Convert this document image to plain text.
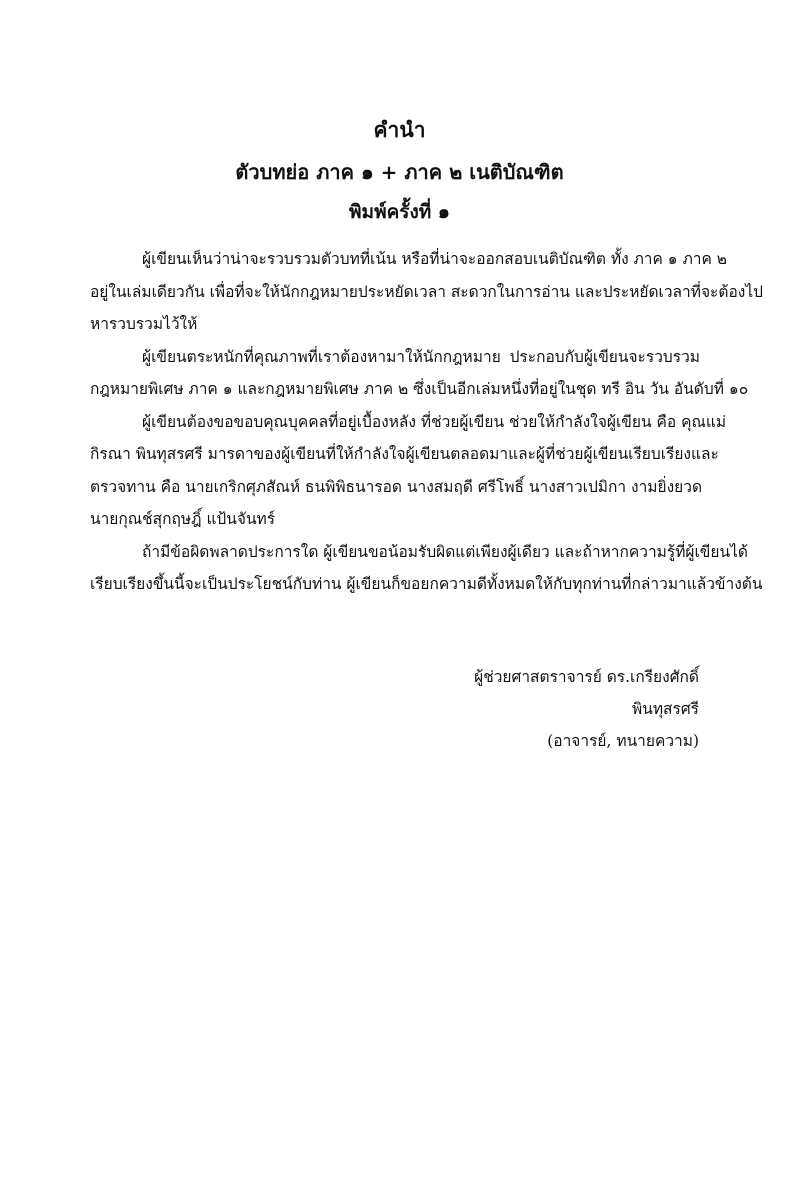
คำนำ
ตัวบทย่อ ภาค ๑ + ภาค ๒ เนติบัณฑิต
พิมพ์ครั้งที่ ๑
ผู้เขียนเห็นว่าน่าจะรวบรวมตัวบทที่เน้น หรือที่น่าจะออกสอบเนติบัณฑิต ทั้ง ภาค ๑ ภาค ๒
อยู่ในเล่มเดียวกัน เพื่อที่จะให้นักกฎหมายประหยัดเวลา สะดวกในการอ่าน และประหยัดเวลาที่จะต้องไป
หารวบรวมไว้ให้
ผู้เขียนตระหนักที่คุณภาพที่เราต้องหามาให้นักกฎหมาย ประกอบกับผู้เขียนจะรวบรวม
กฎหมายพิเศษ ภาค ๑ และกฎหมายพิเศษ ภาค ๒ ซึ่งเป็นอีกเล่มหนึ่งที่อยู่ในชุด ทรี อิน วัน อันดับที่ ๑๐
ผู้เขียนต้องขอขอบคุณบุคคลที่อยู่เบื้องหลัง ที่ช่วยผู้เขียน ช่วยให้กำลังใจผู้เขียน คือ คุณแม่
กิรณา พินทุสรศรี มารดาของผู้เขียนที่ให้กำลังใจผู้เขียนตลอดมาและผู้ที่ช่วยผู้เขียนเรียบเรียงและ
ตรวจทาน คือ นายเกริกศุภสัณห์ ธนพิพิธนารอด นางสมฤดี ศรีโพธิ์ นางสาวเปมิกา งามยิ่งยวด
นายกุณช์สุกฤษฎิ์ แป้นจันทร์
ถ้ามีข้อผิดพลาดประการใด ผู้เขียนขอน้อมรับผิดแต่เพียงผู้เดียว และถ้าหากความรู้ที่ผู้เขียนได้
เรียบเรียงขึ้นนี้จะเป็นประโยชน์กับท่าน ผู้เขียนก็ขอยกความดีทั้งหมดให้กับทุกท่านที่กล่าวมาแล้วข้างต้น
ผู้ช่วยศาสตราจารย์ ดร.เกรียงศักดิ์
พินทุสรศรี
(อาจารย์, ทนายความ)
